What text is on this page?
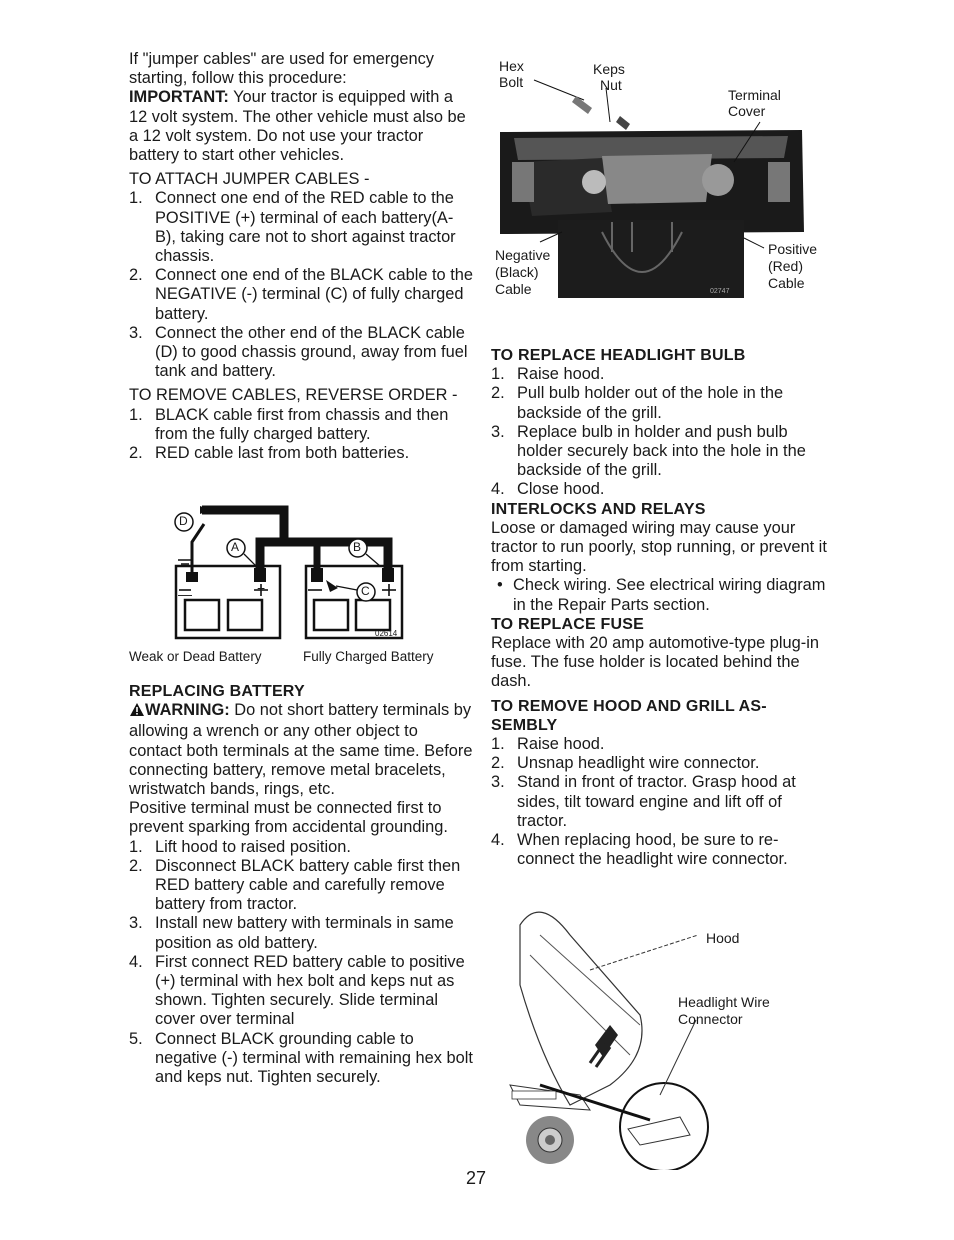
If "jumper cables" are used for emergency starting, follow this procedure:

IMPORTANT: Your tractor is equipped with a 12 volt system. The other vehicle must also be a 12 volt system. Do not use your tractor battery to start other vehicles.

TO ATTACH JUMPER CABLES -

1. Connect one end of the RED cable to the POSITIVE (+) terminal of each battery(A-B), taking care not to short against tractor chassis.
2. Connect one end of the BLACK cable to the NEGATIVE (-) terminal (C) of fully charged battery.
3. Connect the other end of the BLACK cable (D) to good chassis ground, away from fuel tank and battery.

TO REMOVE CABLES, REVERSE ORDER -

1. BLACK cable first from chassis and then from the fully charged battery.
2. RED cable last from both batteries.
D
A	B
C
02614
Weak or Dead Battery	Fully Charged Battery

REPLACING BATTERY

WARNING: Do not short battery terminals by allowing a wrench or any other object to contact both terminals at the same time. Before connecting battery, remove metal bracelets, wristwatch bands, rings, etc.

Positive terminal must be connected first to prevent sparking from accidental grounding.

1. Lift hood to raised position.
2. Disconnect BLACK battery cable first then RED battery cable and carefully remove battery from tractor.
3. Install new battery with terminals in same position as old battery.
4. First connect RED battery cable to positive (+) terminal with hex bolt and keps nut as shown. Tighten securely. Slide terminal cover over terminal
5. Connect BLACK grounding cable to negative (-) terminal with remaining hex bolt and keps nut. Tighten securely.
Hex
Bolt
Keps
Nut
Terminal
Cover
Negative
(Black)
Cable
Positive
(Red)
Cable
02747

TO REPLACE HEADLIGHT BULB

1. Raise hood.
2. Pull bulb holder out of the hole in the backside of the grill.
3. Replace bulb in holder and push bulb holder securely back into the hole in the backside of the grill.
4. Close hood.

INTERLOCKS AND RELAYS

Loose or damaged wiring may cause your tractor to run poorly, stop running, or prevent it from starting.

• Check wiring. See electrical wiring diagram in the Repair Parts section.

TO REPLACE FUSE

Replace with 20 amp automotive-type plug-in fuse. The fuse holder is located behind the dash.

TO REMOVE HOOD AND GRILL AS- SEMBLY

1. Raise hood.
2. Unsnap headlight wire connector.
3. Stand in front of tractor. Grasp hood at sides, tilt toward engine and lift off of tractor.
4. When replacing hood, be sure to re- connect the headlight wire connector.
Hood
Headlight Wire
Connector
27
—	+
